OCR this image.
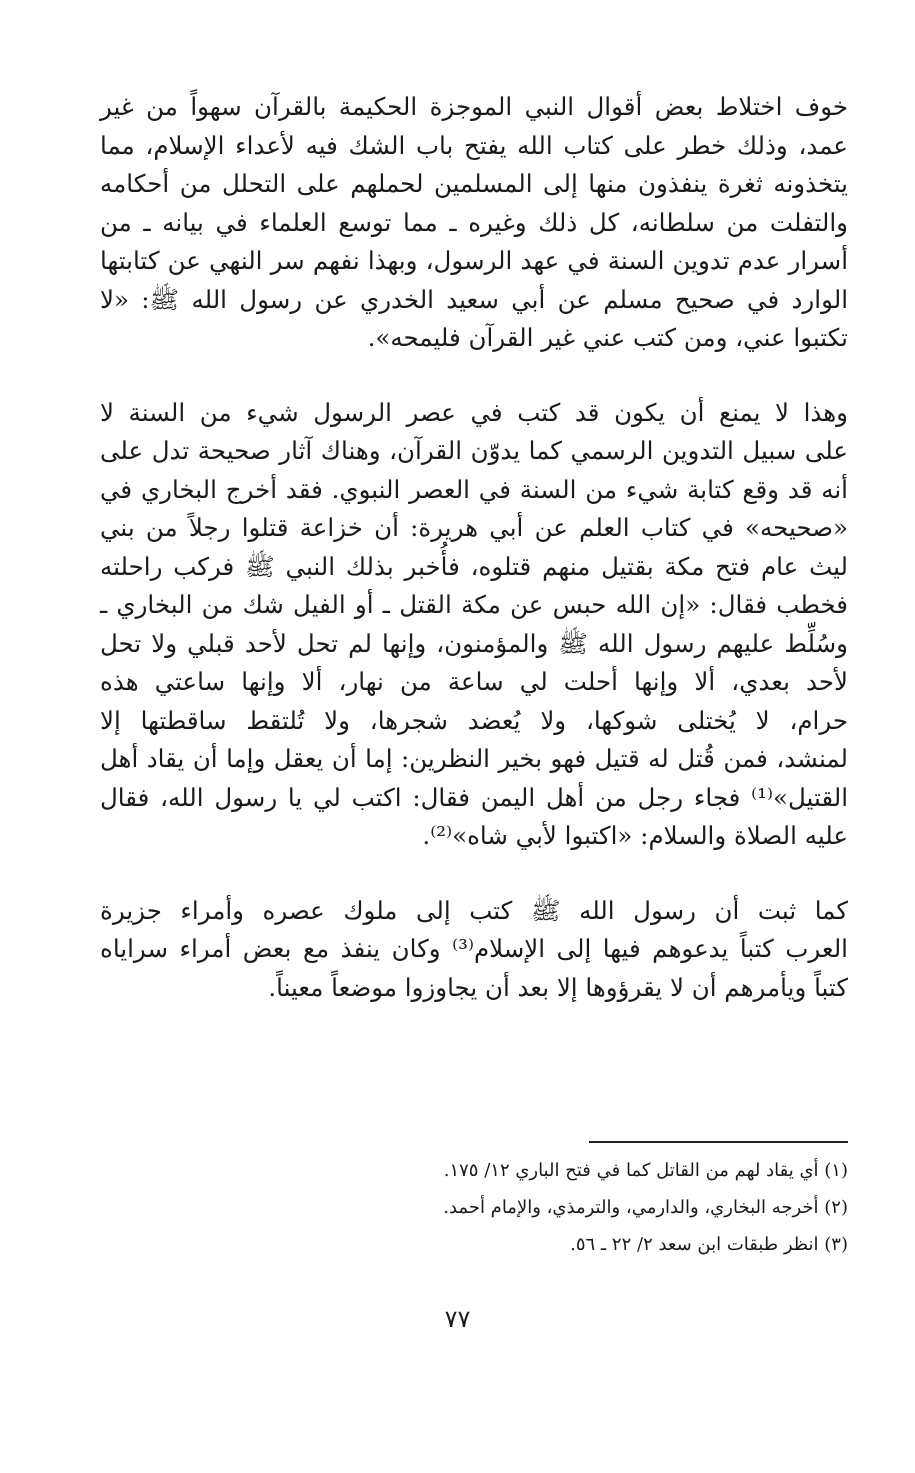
خوف اختلاط بعض أقوال النبي الموجزة الحكيمة بالقرآن سهواً من غير
عمد، وذلك خطر على كتاب الله يفتح باب الشك فيه لأعداء الإسلام، مما
يتخذونه ثغرة ينفذون منها إلى المسلمين لحملهم على التحلل من أحكامه
والتفلت من سلطانه، كل ذلك وغيره ـ مما توسع العلماء في بيانه ـ من
أسرار عدم تدوين السنة في عهد الرسول، وبهذا نفهم سر النهي عن كتابتها
الوارد في صحيح مسلم عن أبي سعيد الخدري عن رسول الله ﷺ: «لا
تكتبوا عني، ومن كتب عني غير القرآن فليمحه».
وهذا لا يمنع أن يكون قد كتب في عصر الرسول شيء من السنة لا
على سبيل التدوين الرسمي كما يدوّن القرآن، وهناك آثار صحيحة تدل على
أنه قد وقع كتابة شيء من السنة في العصر النبوي. فقد أخرج البخاري في
«صحيحه» في كتاب العلم عن أبي هريرة: أن خزاعة قتلوا رجلاً من بني
ليث عام فتح مكة بقتيل منهم قتلوه، فأُخبر بذلك النبي ﷺ فركب راحلته
فخطب فقال: «إن الله حبس عن مكة القتل ـ أو الفيل شك من البخاري ـ
وسُلِّط عليهم رسول الله ﷺ والمؤمنون، وإنها لم تحل لأحد قبلي ولا تحل
لأحد بعدي، ألا وإنها أحلت لي ساعة من نهار، ألا وإنها ساعتي هذه
حرام، لا يُختلى شوكها، ولا يُعضد شجرها، ولا تُلتقط ساقطتها إلا
لمنشد، فمن قُتل له قتيل فهو بخير النظرين: إما أن يعقل وإما أن يقاد أهل
القتيل»⁽¹⁾ فجاء رجل من أهل اليمن فقال: اكتب لي يا رسول الله، فقال
عليه الصلاة والسلام: «اكتبوا لأبي شاه»⁽²⁾.
كما ثبت أن رسول الله ﷺ كتب إلى ملوك عصره وأمراء جزيرة
العرب كتباً يدعوهم فيها إلى الإسلام⁽³⁾ وكان ينفذ مع بعض أمراء سراياه
كتباً ويأمرهم أن لا يقرؤوها إلا بعد أن يجاوزوا موضعاً معيناً.
(١) أي يقاد لهم من القاتل كما في فتح الباري ١٢/ ١٧٥.
(٢) أخرجه البخاري، والدارمي، والترمذي، والإمام أحمد.
(٣) انظر طبقات ابن سعد ٢/ ٢٢ ـ ٥٦.
٧٧
